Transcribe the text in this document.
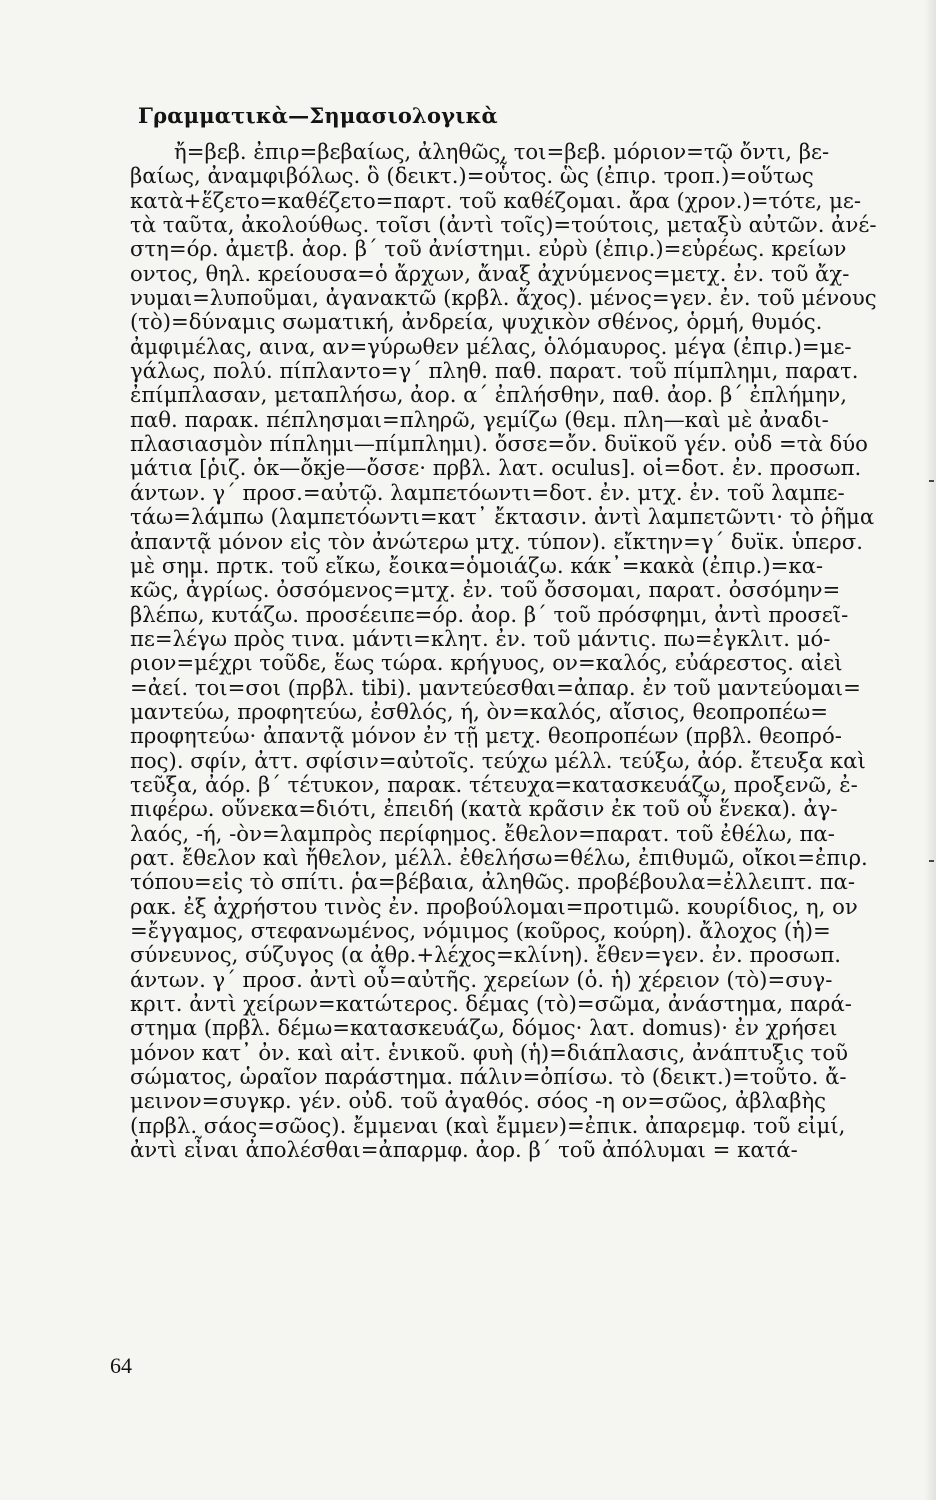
Γραμματικὰ—Σημασιολογικὰ
ἤ=βεβ. ἐπιρ=βεβαίως, ἀληθῶς, τοι=βεβ. μόριον=τῷ ὄντι, βε-
βαίως, ἀναμφιβόλως. ὃ (δεικτ.)=οὗτος. ὣς (ἐπιρ. τροπ.)=οὕτως
κατὰ+ἕζετο=καθέζετο=παρτ. τοῦ καθέζομαι. ἄρα (χρον.)=τότε, με-
τὰ ταῦτα, ἀκολούθως. τοῖσι (ἀντὶ τοῖς)=τούτοις, μεταξὺ αὐτῶν. ἀνέ-
στη=όρ. ἀμετβ. ἀορ. β´ τοῦ ἀνίστημι. εὐρὺ (ἐπιρ.)=εὐρέως. κρείων
οντος, θηλ. κρείουσα=ὁ ἄρχων, ἄναξ ἀχνύμενος=μετχ. ἐν. τοῦ ἄχ-
νυμαι=λυποῦμαι, ἀγανακτῶ (κρβλ. ἄχος). μένος=γεν. ἐν. τοῦ μένους
(τὸ)=δύναμις σωματική, ἀνδρεία, ψυχικὸν σθένος, ὁρμή, θυμός.
ἀμφιμέλας, αινα, αν=γύρωθεν μέλας, ὁλόμαυρος. μέγα (ἐπιρ.)=με-
γάλως, πολύ. πίπλαντο=γ´ πληθ. παθ. παρατ. τοῦ πίμπλημι, παρατ.
ἐπίμπλασαν, μεταπλήσω, ἀορ. α´ ἐπλήσθην, παθ. ἀορ. β´ ἐπλήμην,
παθ. παρακ. πέπλησμαι=πληρῶ, γεμίζω (θεμ. πλη—καὶ μὲ ἀναδι-
πλασιασμὸν πίπλημι—πίμπλημι). ὄσσε=ὄν. δυϊκοῦ γέν. οὐδ =τὰ δύο
μάτια [ῥιζ. ὀκ—ὄκje—ὄσσε· πρβλ. λατ. oculus]. οἱ=δοτ. ἐν. προσωπ.
άντων. γ´ προσ.=αὐτῷ. λαμπετόωντι=δοτ. ἐν. μτχ. ἐν. τοῦ λαμπε-
τάω=λάμπω (λαμπετόωντι=κατ᾽ ἔκτασιν. ἀντὶ λαμπετῶντι· τὸ ῥῆμα
ἀπαντᾷ μόνον εἰς τὸν ἀνώτερω μτχ. τύπον). εἴκτην=γ´ δυϊκ. ὑπερσ.
μὲ σημ. πρτκ. τοῦ εἴκω, ἔοικα=ὁμοιάζω. κάκ᾽=κακὰ (ἐπιρ.)=κα-
κῶς, ἀγρίως. ὀσσόμενος=μτχ. ἐν. τοῦ ὄσσομαι, παρατ. ὀσσόμην=
βλέπω, κυτάζω. προσέειπε=όρ. ἀορ. β´ τοῦ πρόσφημι, ἀντὶ προσεῖ-
πε=λέγω πρὸς τινα. μάντι=κλητ. ἐν. τοῦ μάντις. πω=ἐγκλιτ. μό-
ριον=μέχρι τοῦδε, ἕως τώρα. κρήγυος, ον=καλός, εὐάρεστος. αἰεὶ
=ἀεί. τοι=σοι (πρβλ. tibi). μαντεύεσθαι=ἀπαρ. ἐν τοῦ μαντεύομαι=
μαντεύω, προφητεύω, ἐσθλός, ή, ὸν=καλός, αἴσιος, θεοπροπέω=
προφητεύω· ἀπαντᾷ μόνον ἐν τῇ μετχ. θεοπροπέων (πρβλ. θεοπρό-
πος). σφίν, ἀττ. σφίσιν=αὐτοῖς. τεύχω μέλλ. τεύξω, ἀόρ. ἔτευξα καὶ
τεῦξα, ἀόρ. β´ τέτυκον, παρακ. τέτευχα=κατασκευάζω, προξενῶ, ἐ-
πιφέρω. οὕνεκα=διότι, ἐπειδή (κατὰ κρᾶσιν ἐκ τοῦ οὗ ἕνεκα). ἀγ-
λαός, -ή, -ὸν=λαμπρὸς περίφημος. ἔθελον=παρατ. τοῦ ἐθέλω, πα-
ρατ. ἔθελον καὶ ἤθελον, μέλλ. ἐθελήσω=θέλω, ἐπιθυμῶ, οἴκοι=ἐπιρ.
τόπου=εἰς τὸ σπίτι. ῥα=βέβαια, ἀληθῶς. προβέβουλα=ἐλλειπτ. πα-
ρακ. ἐξ ἀχρήστου τινὸς ἐν. προβούλομαι=προτιμῶ. κουρίδιος, η, ον
=ἔγγαμος, στεφανωμένος, νόμιμος (κοῦρος, κούρη). ἄλοχος (ἡ)=
σύνευνος, σύζυγος (α ἀθρ.+λέχος=κλίνη). ἔθεν=γεν. ἐν. προσωπ.
άντων. γ´ προσ. ἀντὶ οὗ=αὐτῆς. χερείων (ὁ. ἡ) χέρειον (τὸ)=συγ-
κριτ. ἀντὶ χείρων=κατώτερος. δέμας (τὸ)=σῶμα, ἀνάστημα, παρά-
στημα (πρβλ. δέμω=κατασκευάζω, δόμος· λατ. domus)· ἐν χρήσει
μόνον κατ᾽ ὀν. καὶ αἰτ. ἑνικοῦ. φυὴ (ἡ)=διάπλασις, ἀνάπτυξις τοῦ
σώματος, ὡραῖον παράστημα. πάλιν=ὀπίσω. τὸ (δεικτ.)=τοῦτο. ἄ-
μεινον=συγκρ. γέν. οὐδ. τοῦ ἀγαθός. σόος -η ον=σῶος, ἀβλαβὴς
(πρβλ. σάος=σῶος). ἔμμεναι (καὶ ἔμμεν)=ἐπικ. ἀπαρεμφ. τοῦ εἰμί,
ἀντὶ εἶναι ἀπολέσθαι=ἀπαρμφ. ἀορ. β´ τοῦ ἀπόλυμαι = κατά-
64
